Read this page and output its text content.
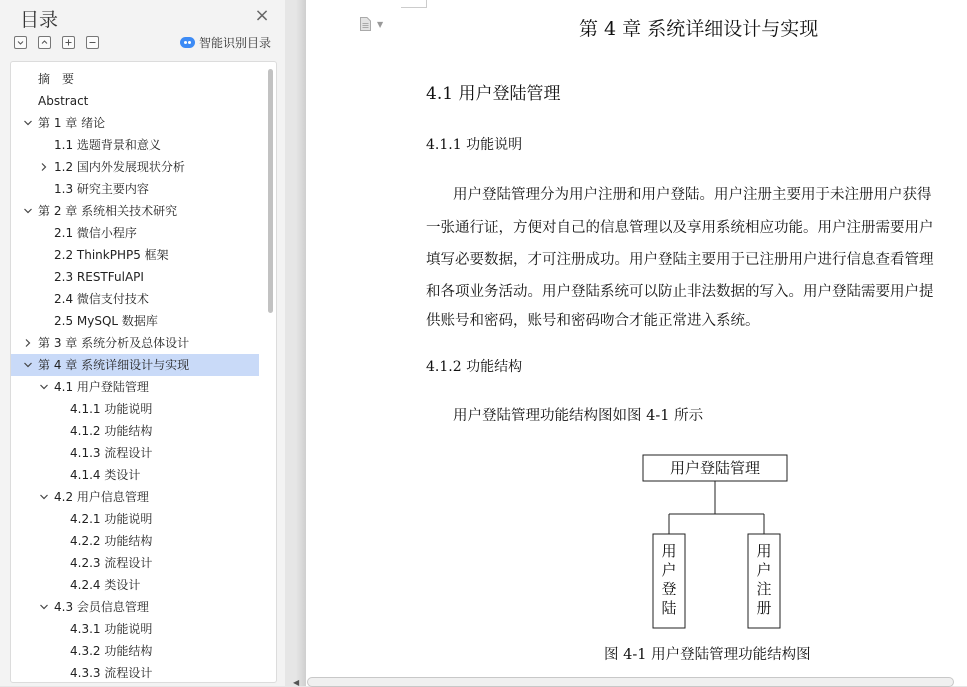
目录	×
智能识别目录
摘　要
Abstract
第 1 章 绪论
1.1 选题背景和意义
1.2 国内外发展现状分析
1.3 研究主要内容
第 2 章 系统相关技术研究
2.1 微信小程序
2.2 ThinkPHP5 框架
2.3 RESTFulAPI
2.4 微信支付技术
2.5 MySQL 数据库
第 3 章 系统分析及总体设计
第 4 章 系统详细设计与实现
4.1 用户登陆管理
4.1.1 功能说明
4.1.2 功能结构
4.1.3 流程设计
4.1.4 类设计
4.2 用户信息管理
4.2.1 功能说明
4.2.2 功能结构
4.2.3 流程设计
4.2.4 类设计
4.3 会员信息管理
4.3.1 功能说明
4.3.2 功能结构
4.3.3 流程设计
▼	第 4 章 系统详细设计与实现
4.1 用户登陆管理
4.1.1 功能说明
用户登陆管理分为用户注册和用户登陆。用户注册主要用于未注册用户获得
一张通行证，方便对自己的信息管理以及享用系统相应功能。用户注册需要用户
填写必要数据，才可注册成功。用户登陆主要用于已注册用户进行信息查看管理
和各项业务活动。用户登陆系统可以防止非法数据的写入。用户登陆需要用户提
供账号和密码，账号和密码吻合才能正常进入系统。
4.1.2 功能结构
用户登陆管理功能结构图如图 4-1 所示
用户登陆管理
用
户
登
陆
用
户
注
册
图 4-1 用户登陆管理功能结构图
◀
